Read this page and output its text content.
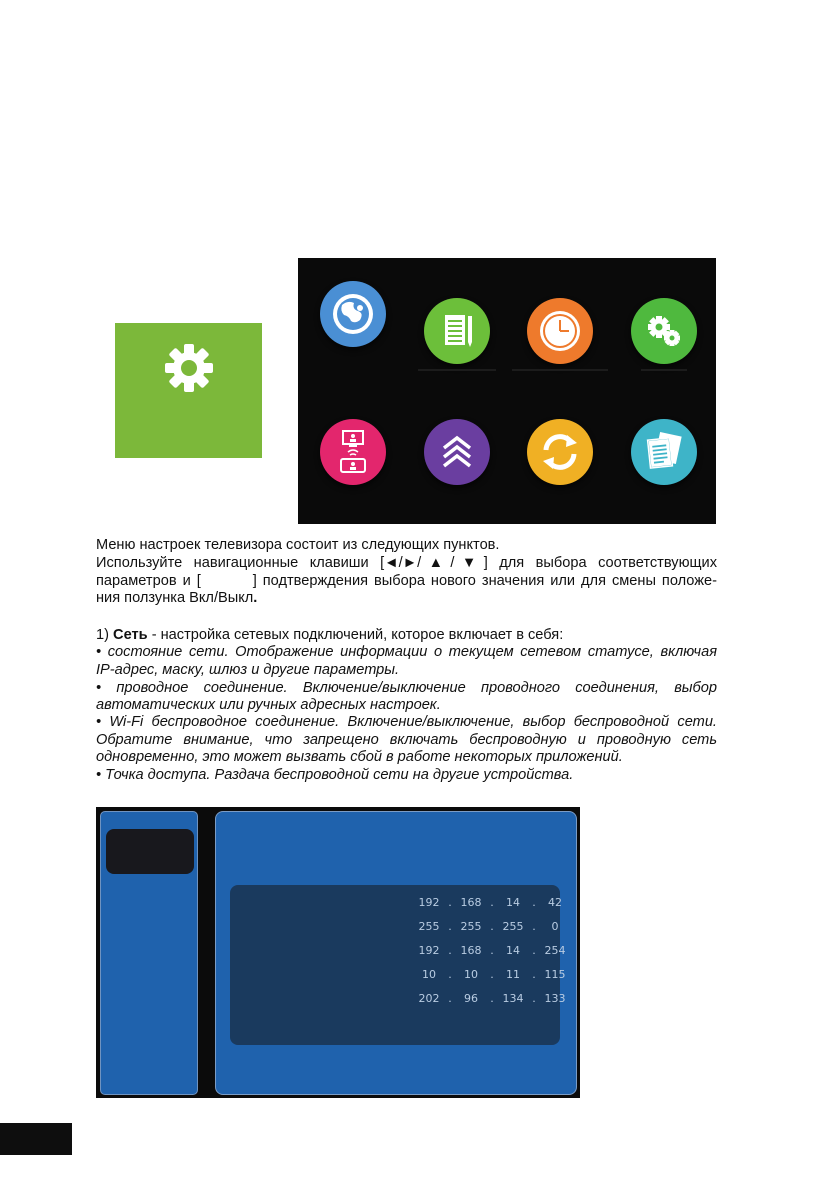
Меню настроек телевизора состоит из следующих пунктов.
Используйте навигационные клавиши [◄/►/▲/▼] для выбора соответствующих
параметров и [	] подтверждения выбора нового значения или для смены положе-
ния ползунка Вкл/Выкл.
1) Сеть - настройка сетевых подключений, которое включает в себя:
• состояние сети. Отображение информации о текущем сетевом статусе, включая
IP-адрес, маску, шлюз и другие параметры.
• проводное соединение. Включение/выключение проводного соединения, выбор
автоматических или ручных адресных настроек.
• Wi-Fi беспроводное соединение. Включение/выключение, выбор беспроводной сети.
Обратите внимание, что запрещено включать беспроводную и проводную сеть
одновременно, это может вызвать сбой в работе некоторых приложений.
• Точка доступа. Раздача беспроводной сети на другие устройства.
192 . 168 .	14	.	42
255 . 255 . 255 .	0
192 . 168 .	14	. 254
10	.	10	.	11	. 115
202 .	96	. 134 . 133
